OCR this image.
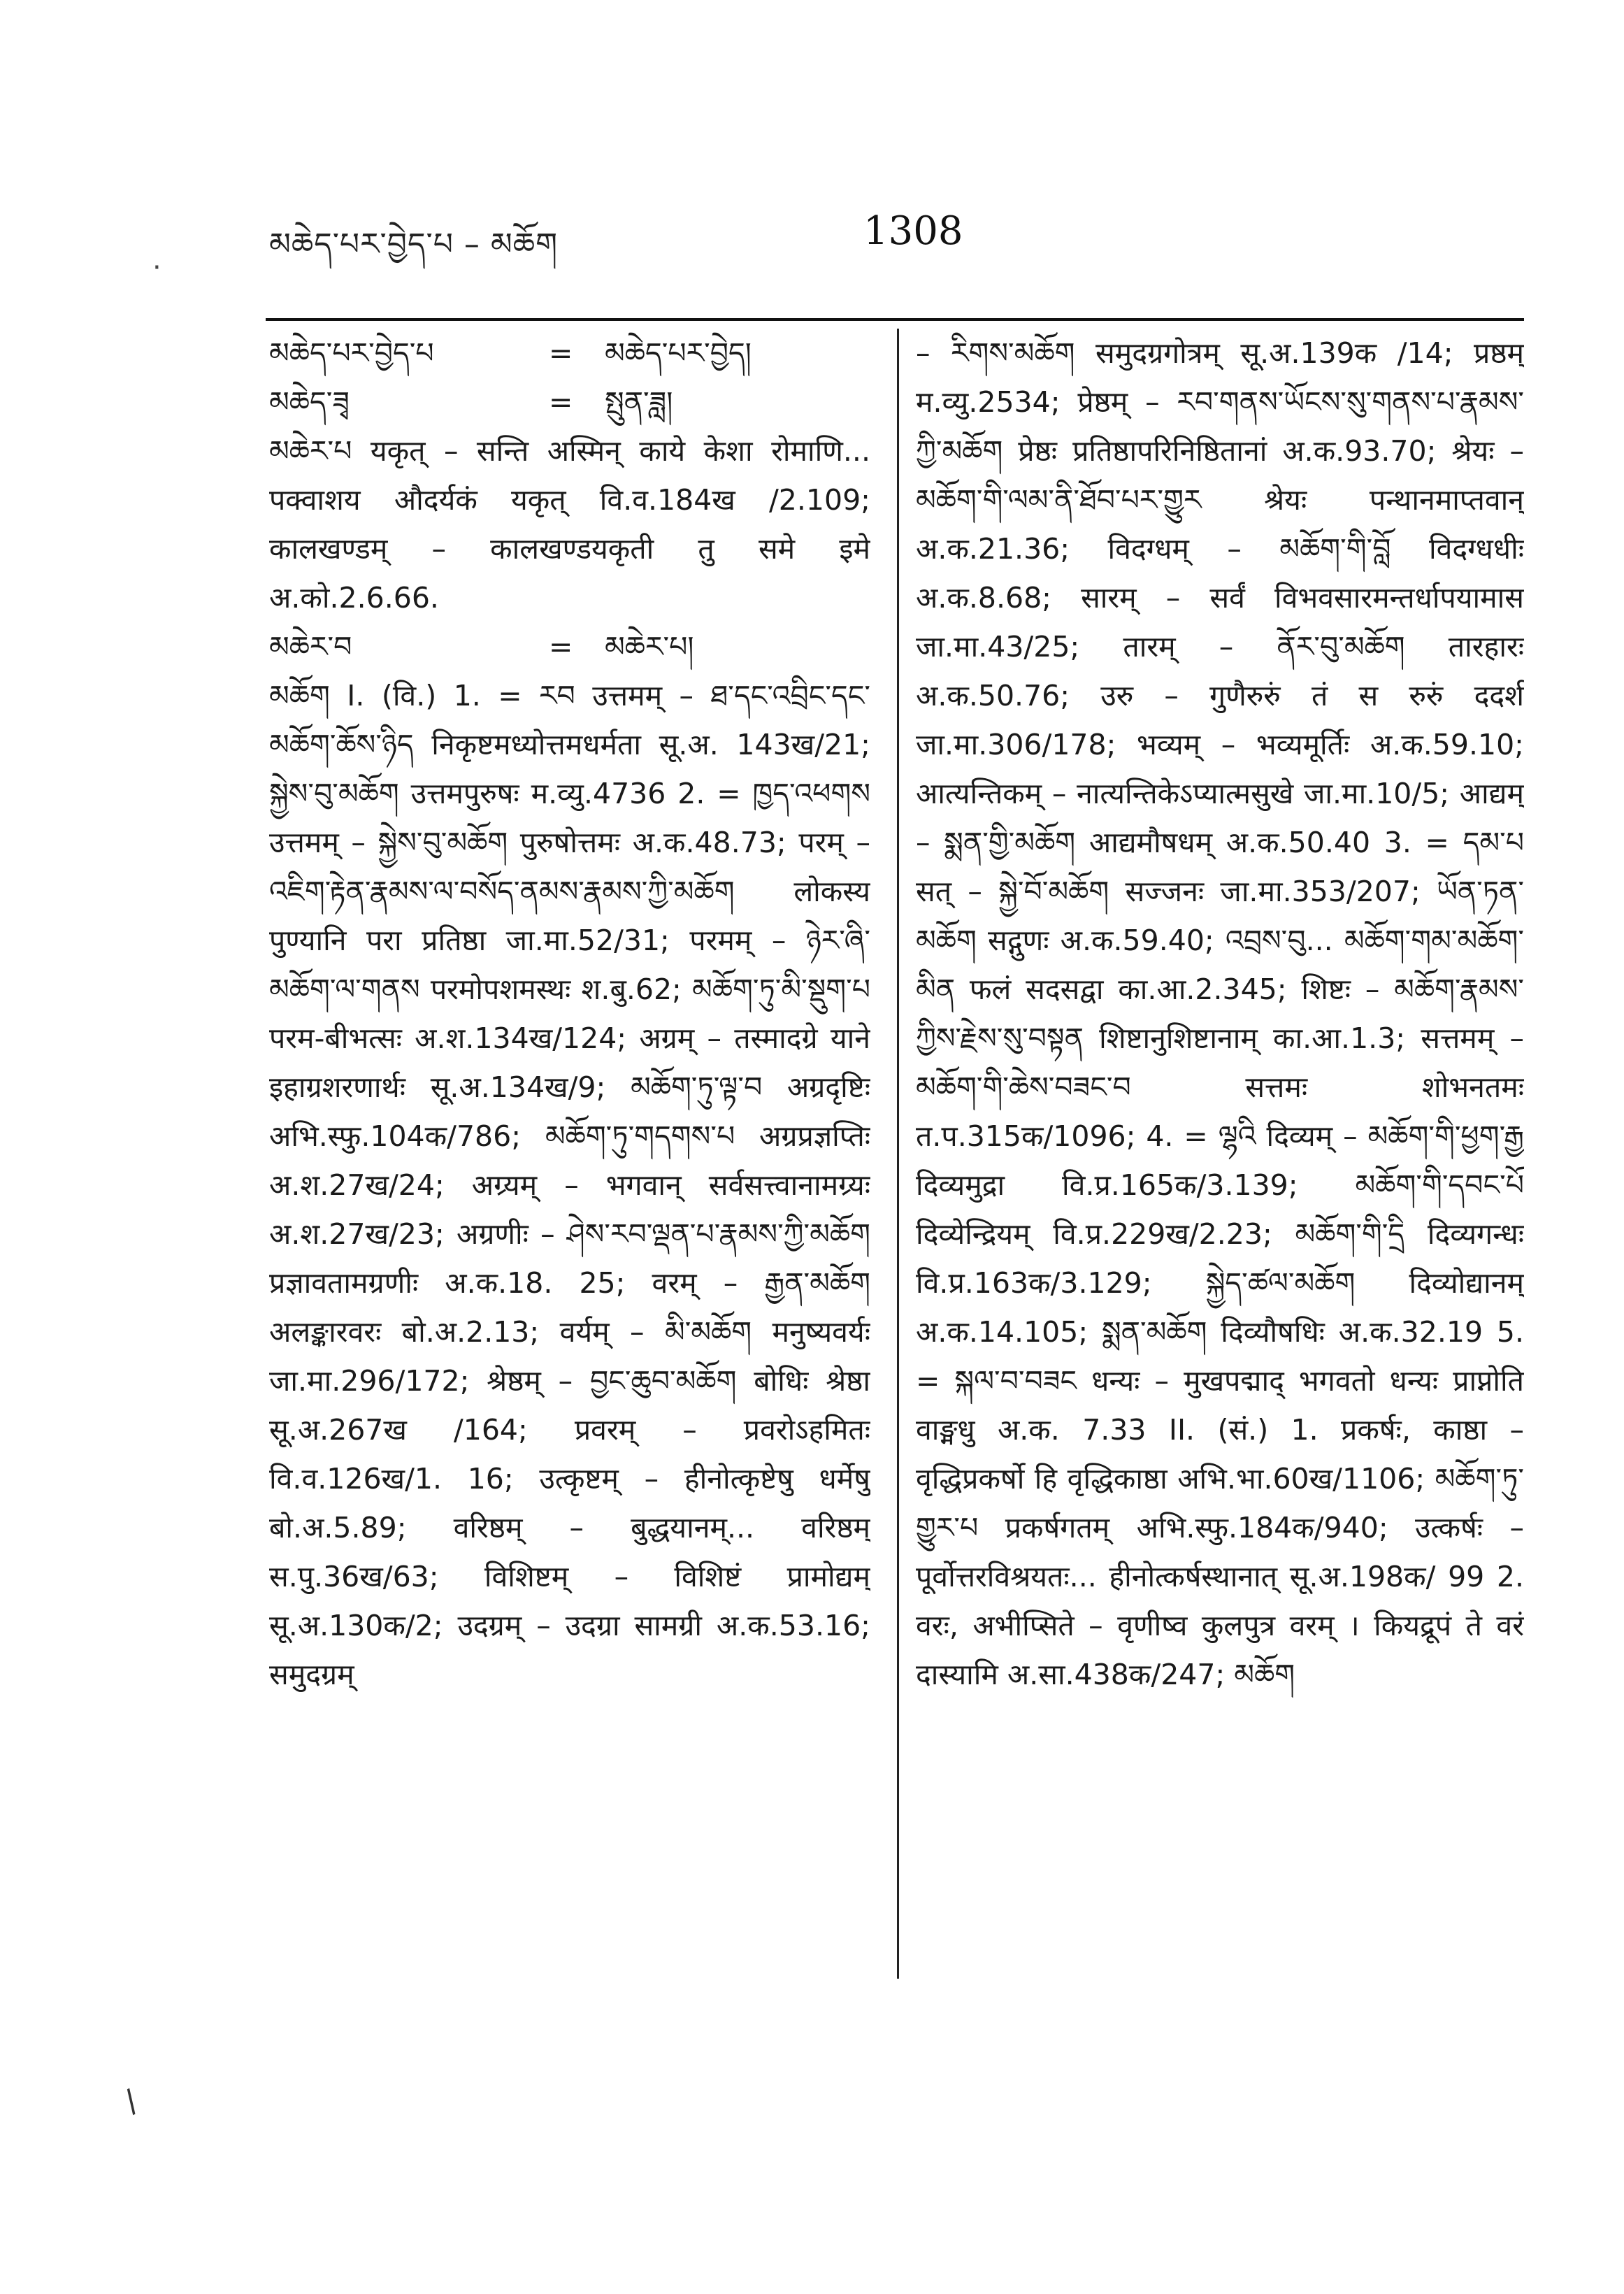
མཆེད་པར་བྱེད་པ – མཆོག	1308
·
མཆེད་པར་བྱེད་པ	=	མཆེད་པར་བྱེད།
མཆེད་ཟྭ	=	སྤུན་ཟླ།
མཆེར་པ यकृत् – सन्ति अस्मिन् काये केशा रोमाणि... पक्वाशय औदर्यकं यकृत् वि.व.184ख /2.109; कालखण्डम् – कालखण्डयकृती तु समे इमे अ.को.2.6.66.
མཆེར་བ	=	མཆེར་པ།
མཆོག I. (वि.) 1. = རབ उत्तमम् – ཐ་དང་འབྲིང་དང་མཆོག་ཆོས་ཉིད निकृष्टमध्योत्तमधर्मता सू.अ. 143ख/21; སྐྱེས་བུ་མཆོག उत्तमपुरुषः म.व्यु.4736 2. = ཁྱད་འཕགས उत्तमम् – སྐྱེས་བུ་མཆོག पुरुषोत्तमः अ.क.48.73; परम् – འཇིག་རྟེན་རྣམས་ལ་བསོད་ནམས་རྣམས་ཀྱི་མཆོག लोकस्य पुण्यानि परा प्रतिष्ठा जा.मा.52/31; परमम् – ཉེར་ཞི་མཆོག་ལ་གནས परमोपशमस्थः श.बु.62; མཆོག་ཏུ་མི་སྡུག་པ परम-बीभत्सः अ.श.134ख/124; अग्रम् – तस्मादग्रे याने इहाग्रशरणार्थः सू.अ.134ख/9; མཆོག་ཏུ་ལྟ་བ अग्रदृष्टिः अभि.स्फु.104क/786; མཆོག་ཏུ་གདགས་པ अग्रप्रज्ञप्तिः अ.श.27ख/24; अग्र्यम् – भगवान् सर्वसत्त्वानामग्र्यः अ.श.27ख/23; अग्रणीः – ཤེས་རབ་ལྡན་པ་རྣམས་ཀྱི་མཆོག प्रज्ञावतामग्रणीः अ.क.18. 25; वरम् – རྒྱན་མཆོག अलङ्कारवरः बो.अ.2.13; वर्यम् – མི་མཆོག मनुष्यवर्यः जा.मा.296/172; श्रेष्ठम् – བྱང་ཆུབ་མཆོག बोधिः श्रेष्ठा सू.अ.267ख /164; प्रवरम् – प्रवरोऽहमितः वि.व.126ख/1. 16; उत्कृष्टम् – हीनोत्कृष्टेषु धर्मेषु बो.अ.5.89; वरिष्ठम् – बुद्धयानम्... वरिष्ठम् स.पु.36ख/63; विशिष्टम् – विशिष्टं प्रामोद्यम् सू.अ.130क/2; उदग्रम् – उदग्रा सामग्री अ.क.53.16; समुदग्रम्
– རིགས་མཆོག समुदग्रगोत्रम् सू.अ.139क /14; प्रष्ठम् म.व्यु.2534; प्रेष्ठम् – རབ་གནས་ཡོངས་སུ་གནས་པ་རྣམས་ཀྱི་མཆོག प्रेष्ठः प्रतिष्ठापरिनिष्ठितानां अ.क.93.70; श्रेयः – མཆོག་གི་ལམ་ནི་ཐོབ་པར་གྱུར श्रेयः पन्थानमाप्तवान् अ.क.21.36; विदग्धम् – མཆོག་གི་བློ विदग्धधीः अ.क.8.68; सारम् – सर्वं विभवसारमन्तर्धापयामास जा.मा.43/25; तारम् – ནོར་བུ་མཆོག तारहारः अ.क.50.76; उरु – गुणैरुरुं तं स रुरुं ददर्श जा.मा.306/178; भव्यम् – भव्यमूर्तिः अ.क.59.10; आत्यन्तिकम् – नात्यन्तिकेऽप्यात्मसुखे जा.मा.10/5; आद्यम् – སྨན་གྱི་མཆོག आद्यमौषधम् अ.क.50.40 3. = དམ་པ सत् – སྐྱེ་བོ་མཆོག सज्जनः जा.मा.353/207; ཡོན་ཏན་མཆོག सद्गुणः अ.क.59.40; འབྲས་བུ... མཆོག་གམ་མཆོག་མིན फलं सदसद्वा का.आ.2.345; शिष्टः – མཆོག་རྣམས་ཀྱིས་རྗེས་སུ་བསྟན शिष्टानुशिष्टानाम् का.आ.1.3; सत्तमम् – མཆོག་གི་ཆེས་བཟང་བ सत्तमः शोभनतमः त.प.315क/1096; 4. = ལྷའི दिव्यम् – མཆོག་གི་ཕྱག་རྒྱ दिव्यमुद्रा वि.प्र.165क/3.139; མཆོག་གི་དབང་པོ दिव्येन्द्रियम् वि.प्र.229ख/2.23; མཆོག་གི་དྲི दिव्यगन्धः वि.प्र.163क/3.129; སྐྱེད་ཚལ་མཆོག दिव्योद्यानम् अ.क.14.105; སྨན་མཆོག दिव्यौषधिः अ.क.32.19 5. = སྐལ་བ་བཟང धन्यः – मुखपद्माद् भगवतो धन्यः प्राप्नोति वाङ्मधु अ.क. 7.33 II. (सं.) 1. प्रकर्षः, काष्ठा – वृद्धिप्रकर्षो हि वृद्धिकाष्ठा अभि.भा.60ख/1106; མཆོག་ཏུ་གྱུར་པ प्रकर्षगतम् अभि.स्फु.184क/940; उत्कर्षः – पूर्वोत्तरविश्रयतः... हीनोत्कर्षस्थानात् सू.अ.198क/ 99 2. वरः, अभीप्सिते – वृणीष्व कुलपुत्र वरम् । कियद्रूपं ते वरं दास्यामि अ.सा.438क/247; མཆོག
/
